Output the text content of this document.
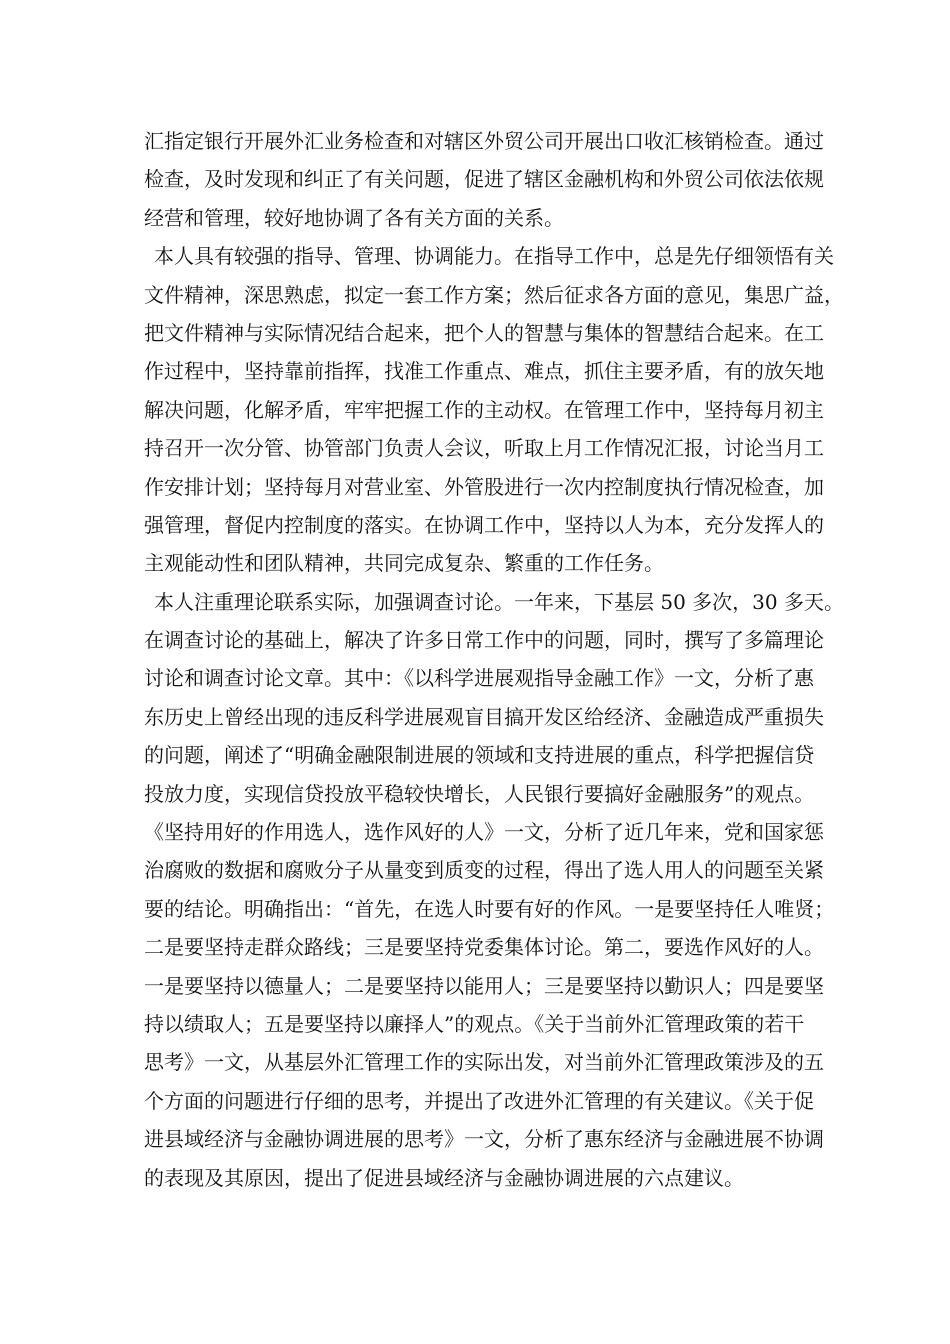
汇指定银行开展外汇业务检查和对辖区外贸公司开展出口收汇核销检查。通过
检查，及时发现和纠正了有关问题，促进了辖区金融机构和外贸公司依法依规
经营和管理，较好地协调了各有关方面的关系。
本人具有较强的指导、管理、协调能力。在指导工作中，总是先仔细领悟有关
文件精神，深思熟虑，拟定一套工作方案；然后征求各方面的意见，集思广益，
把文件精神与实际情况结合起来，把个人的智慧与集体的智慧结合起来。在工
作过程中，坚持靠前指挥，找准工作重点、难点，抓住主要矛盾，有的放矢地
解决问题，化解矛盾，牢牢把握工作的主动权。在管理工作中，坚持每月初主
持召开一次分管、协管部门负责人会议，听取上月工作情况汇报，讨论当月工
作安排计划；坚持每月对营业室、外管股进行一次内控制度执行情况检查，加
强管理，督促内控制度的落实。在协调工作中，坚持以人为本，充分发挥人的
主观能动性和团队精神，共同完成复杂、繁重的工作任务。
本人注重理论联系实际，加强调查讨论。一年来，下基层 50 多次，30 多天。
在调查讨论的基础上，解决了许多日常工作中的问题，同时，撰写了多篇理论
讨论和调查讨论文章。其中：《以科学进展观指导金融工作》一文，分析了惠
东历史上曾经出现的违反科学进展观盲目搞开发区给经济、金融造成严重损失
的问题，阐述了“明确金融限制进展的领域和支持进展的重点，科学把握信贷
投放力度，实现信贷投放平稳较快增长，人民银行要搞好金融服务”的观点。
《坚持用好的作用选人，选作风好的人》一文，分析了近几年来，党和国家惩
治腐败的数据和腐败分子从量变到质变的过程，得出了选人用人的问题至关紧
要的结论。明确指出：“首先，在选人时要有好的作风。一是要坚持任人唯贤；
二是要坚持走群众路线；三是要坚持党委集体讨论。第二，要选作风好的人。
一是要坚持以德量人；二是要坚持以能用人；三是要坚持以勤识人；四是要坚
持以绩取人；五是要坚持以廉择人”的观点。《关于当前外汇管理政策的若干
思考》一文，从基层外汇管理工作的实际出发，对当前外汇管理政策涉及的五
个方面的问题进行仔细的思考，并提出了改进外汇管理的有关建议。《关于促
进县域经济与金融协调进展的思考》一文，分析了惠东经济与金融进展不协调
的表现及其原因，提出了促进县域经济与金融协调进展的六点建议。
